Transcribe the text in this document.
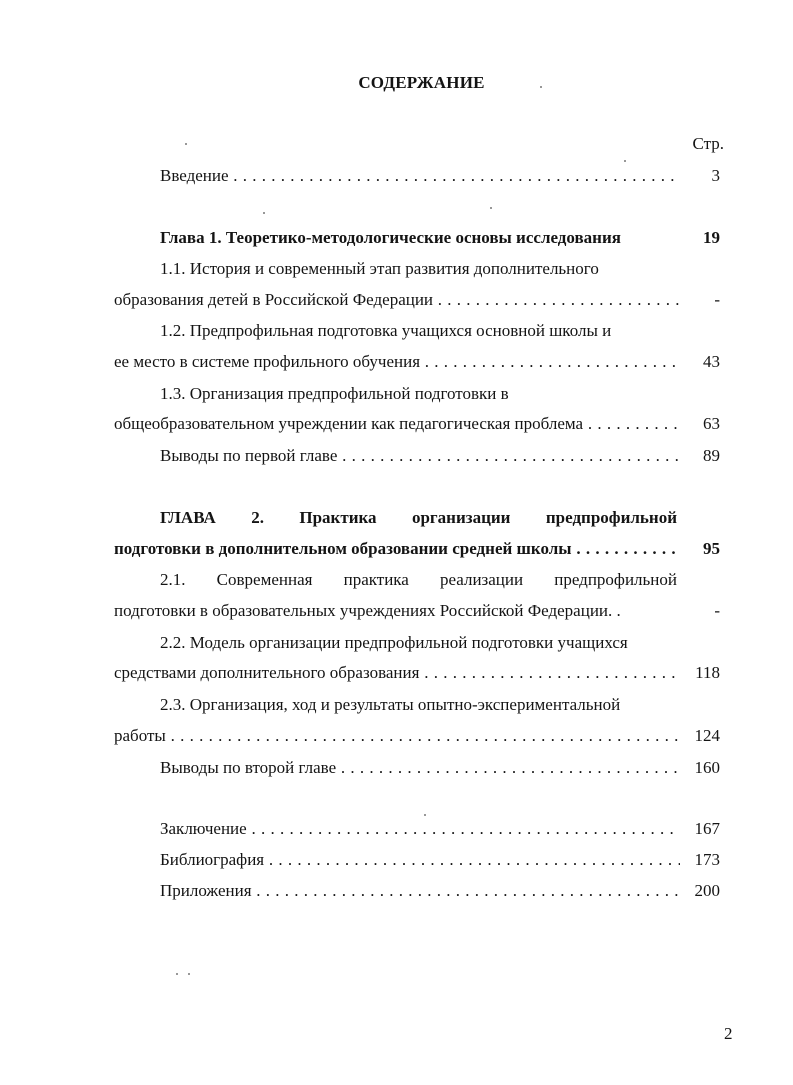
СОДЕРЖАНИЕ
Стр.
Введение . . .	3
Глава 1. Теоретико-методологические основы исследования	19
1.1. История и современный этап развития дополнительного
образования детей в Российской Федерации . . .	-
1.2. Предпрофильная подготовка учащихся основной школы и
ее место в системе профильного обучения . . .	43
1.3. Организация предпрофильной подготовки в
общеобразовательном учреждении как педагогическая проблема . . .	63
Выводы по первой главе . . .	89
ГЛАВА 2. Практика организации предпрофильной
подготовки в дополнительном образовании средней школы . . .	95
2.1. Современная практика реализации предпрофильной
подготовки в образовательных учреждениях Российской Федерации. .	-
2.2. Модель организации предпрофильной подготовки учащихся
средствами дополнительного образования . . .	118
2.3. Организация, ход и результаты опытно-экспериментальной
работы . . .	124
Выводы по второй главе . . .	160
Заключение . . .	167
Библиография . . .	173
Приложения . . .	200
2
